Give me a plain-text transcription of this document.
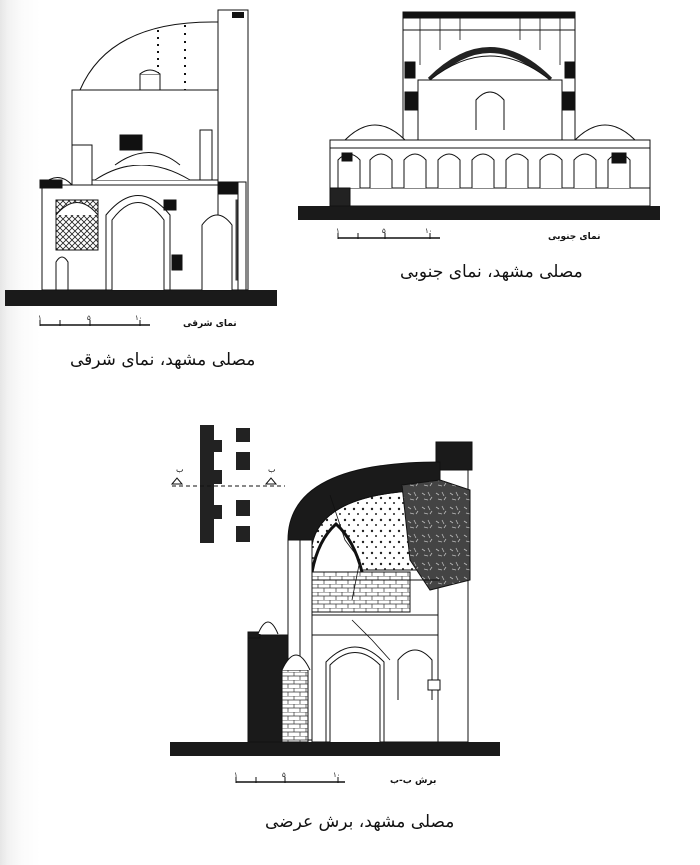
۱	۵	۱۰
نمای شرقی
مصلی مشهد، نمای شرقی
۱	۵	۱۰
نمای جنوبی
مصلی مشهد، نمای جنوبی
ب	ب
۱	۵	۱۰
برش ب-ب
مصلی مشهد، برش عرضی
